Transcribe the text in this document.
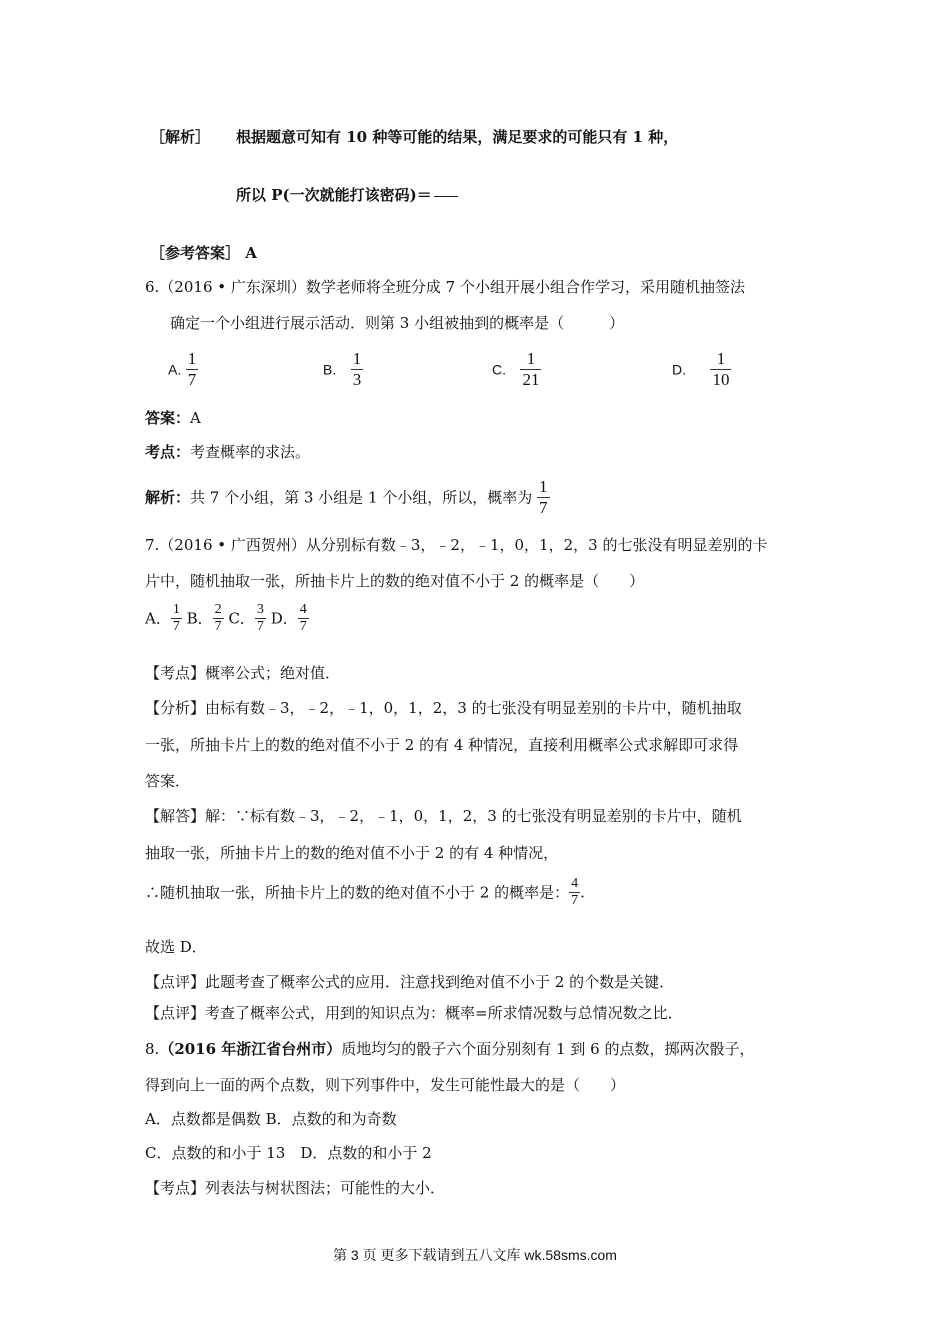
［解析］ 根据题意可知有 10 种等可能的结果，满足要求的可能只有 1 种，
所以 P(一次就能打该密码)＝
［参考答案］ A
6.（2016 • 广东深圳）数学老师将全班分成 7 个小组开展小组合作学习，采用随机抽签法
确定一个小组进行展示活动．则第 3 小组被抽到的概率是（　　　）
A. $\frac{1}{7}$	B. $\frac{1}{3}$	C. $\frac{1}{21}$	D. $\frac{1}{10}$
答案：A
考点：考查概率的求法。
解析：共 7 个小组，第 3 小组是 1 个小组，所以，概率为 $\frac{1}{7}$
7.（2016 • 广西贺州）从分别标有数﹣3，﹣2，﹣1，0，1，2，3 的七张没有明显差别的卡
片中，随机抽取一张，所抽卡片上的数的绝对值不小于 2 的概率是（　　）
A． $\frac{1}{7}$ B． $\frac{2}{7}$ C． $\frac{3}{7}$ D． $\frac{4}{7}$
【考点】概率公式；绝对值．
【分析】由标有数﹣3，﹣2，﹣1，0，1，2，3 的七张没有明显差别的卡片中，随机抽取
一张，所抽卡片上的数的绝对值不小于 2 的有 4 种情况，直接利用概率公式求解即可求得
答案．
【解答】解：∵标有数﹣3，﹣2，﹣1，0，1，2，3 的七张没有明显差别的卡片中，随机
抽取一张，所抽卡片上的数的绝对值不小于 2 的有 4 种情况，
∴随机抽取一张，所抽卡片上的数的绝对值不小于 2 的概率是： $\frac{4}{7}$ .
故选 D．
【点评】此题考查了概率公式的应用．注意找到绝对值不小于 2 的个数是关键．
【点评】考查了概率公式，用到的知识点为：概率=所求情况数与总情况数之比．
8.（2016 年浙江省台州市）质地均匀的骰子六个面分别刻有 1 到 6 的点数，掷两次骰子，
得到向上一面的两个点数，则下列事件中，发生可能性最大的是（　　）
A．点数都是偶数 B．点数的和为奇数
C．点数的和小于 13　D．点数的和小于 2
【考点】列表法与树状图法；可能性的大小．
第 3 页 更多下载请到五八文库 wk.58sms.com
